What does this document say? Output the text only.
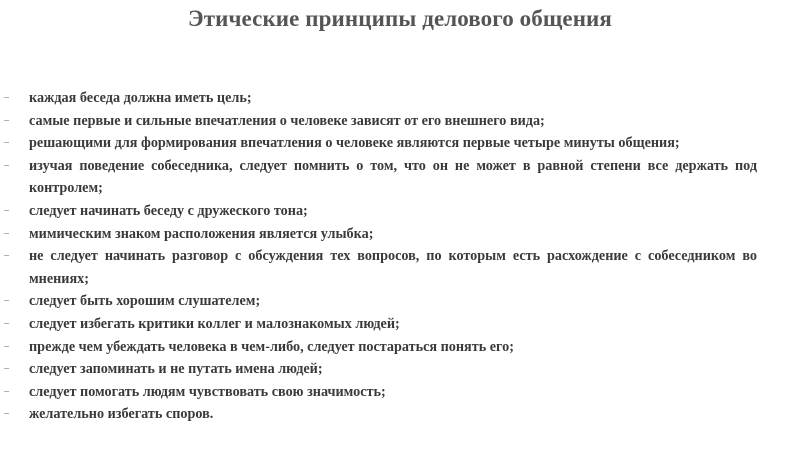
Этические принципы делового общения
–	каждая беседа должна иметь цель;
–	самые первые и сильные впечатления о человеке зависят от его внешнего вида;
–	решающими для формирования впечатления о человеке являются первые четыре минуты общения;
–	изучая поведение собеседника, следует помнить о том, что он не может в равной степени все держать под контролем;
–	следует начинать беседу с дружеского тона;
–	мимическим знаком расположения является улыбка;
–	не следует начинать разговор с обсуждения тех вопросов, по которым есть расхождение с собеседником во мнениях;
–	следует быть хорошим слушателем;
–	следует избегать критики коллег и малознакомых людей;
–	прежде чем убеждать человека в чем-либо, следует постараться понять его;
–	следует запоминать и не путать имена людей;
–	следует помогать людям чувствовать свою значимость;
–	желательно избегать споров.
